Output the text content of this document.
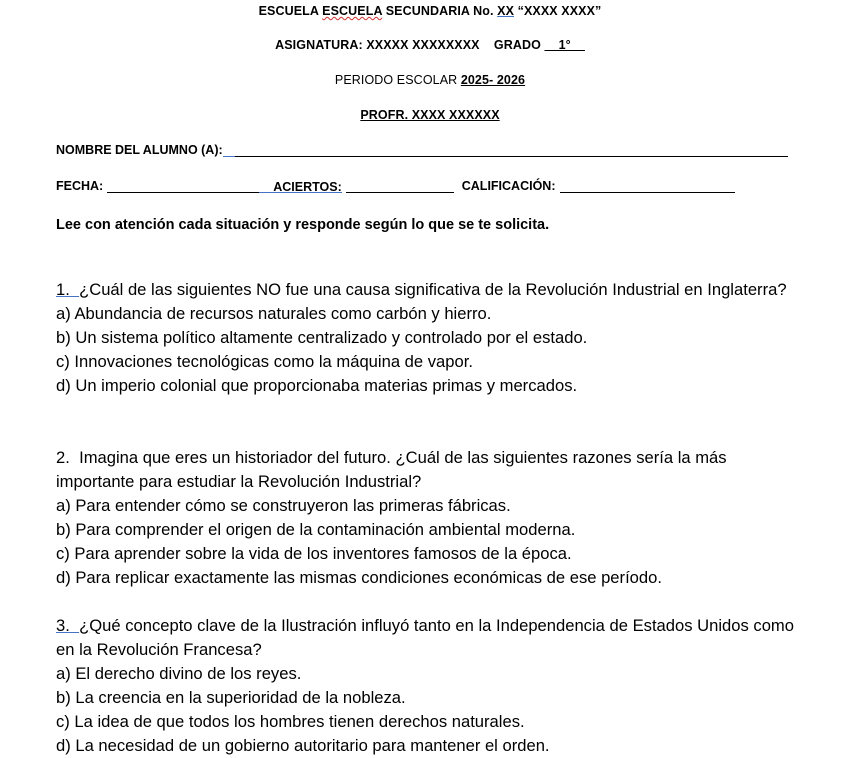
ESCUELA ESCUELA SECUNDARIA No. XX “XXXX XXXX”
ASIGNATURA: XXXXX XXXXXXXX GRADO __1°__
PERIODO ESCOLAR 2025- 2026
PROFR. XXXX XXXXXX
NOMBRE DEL ALUMNO (A):
FECHA:	ACIERTOS:	CALIFICACIÓN:
Lee con atención cada situación y responde según lo que se te solicita.

1. ¿Cuál de las siguientes NO fue una causa significativa de la Revolución Industrial en Inglaterra?

a) Abundancia de recursos naturales como carbón y hierro.

b) Un sistema político altamente centralizado y controlado por el estado.

c) Innovaciones tecnológicas como la máquina de vapor.

d) Un imperio colonial que proporcionaba materias primas y mercados.

2. Imagina que eres un historiador del futuro. ¿Cuál de las siguientes razones sería la más importante para estudiar la Revolución Industrial?

a) Para entender cómo se construyeron las primeras fábricas.

b) Para comprender el origen de la contaminación ambiental moderna.

c) Para aprender sobre la vida de los inventores famosos de la época.

d) Para replicar exactamente las mismas condiciones económicas de ese período.

3. ¿Qué concepto clave de la Ilustración influyó tanto en la Independencia de Estados Unidos como en la Revolución Francesa?

a) El derecho divino de los reyes.

b) La creencia en la superioridad de la nobleza.

c) La idea de que todos los hombres tienen derechos naturales.

d) La necesidad de un gobierno autoritario para mantener el orden.
